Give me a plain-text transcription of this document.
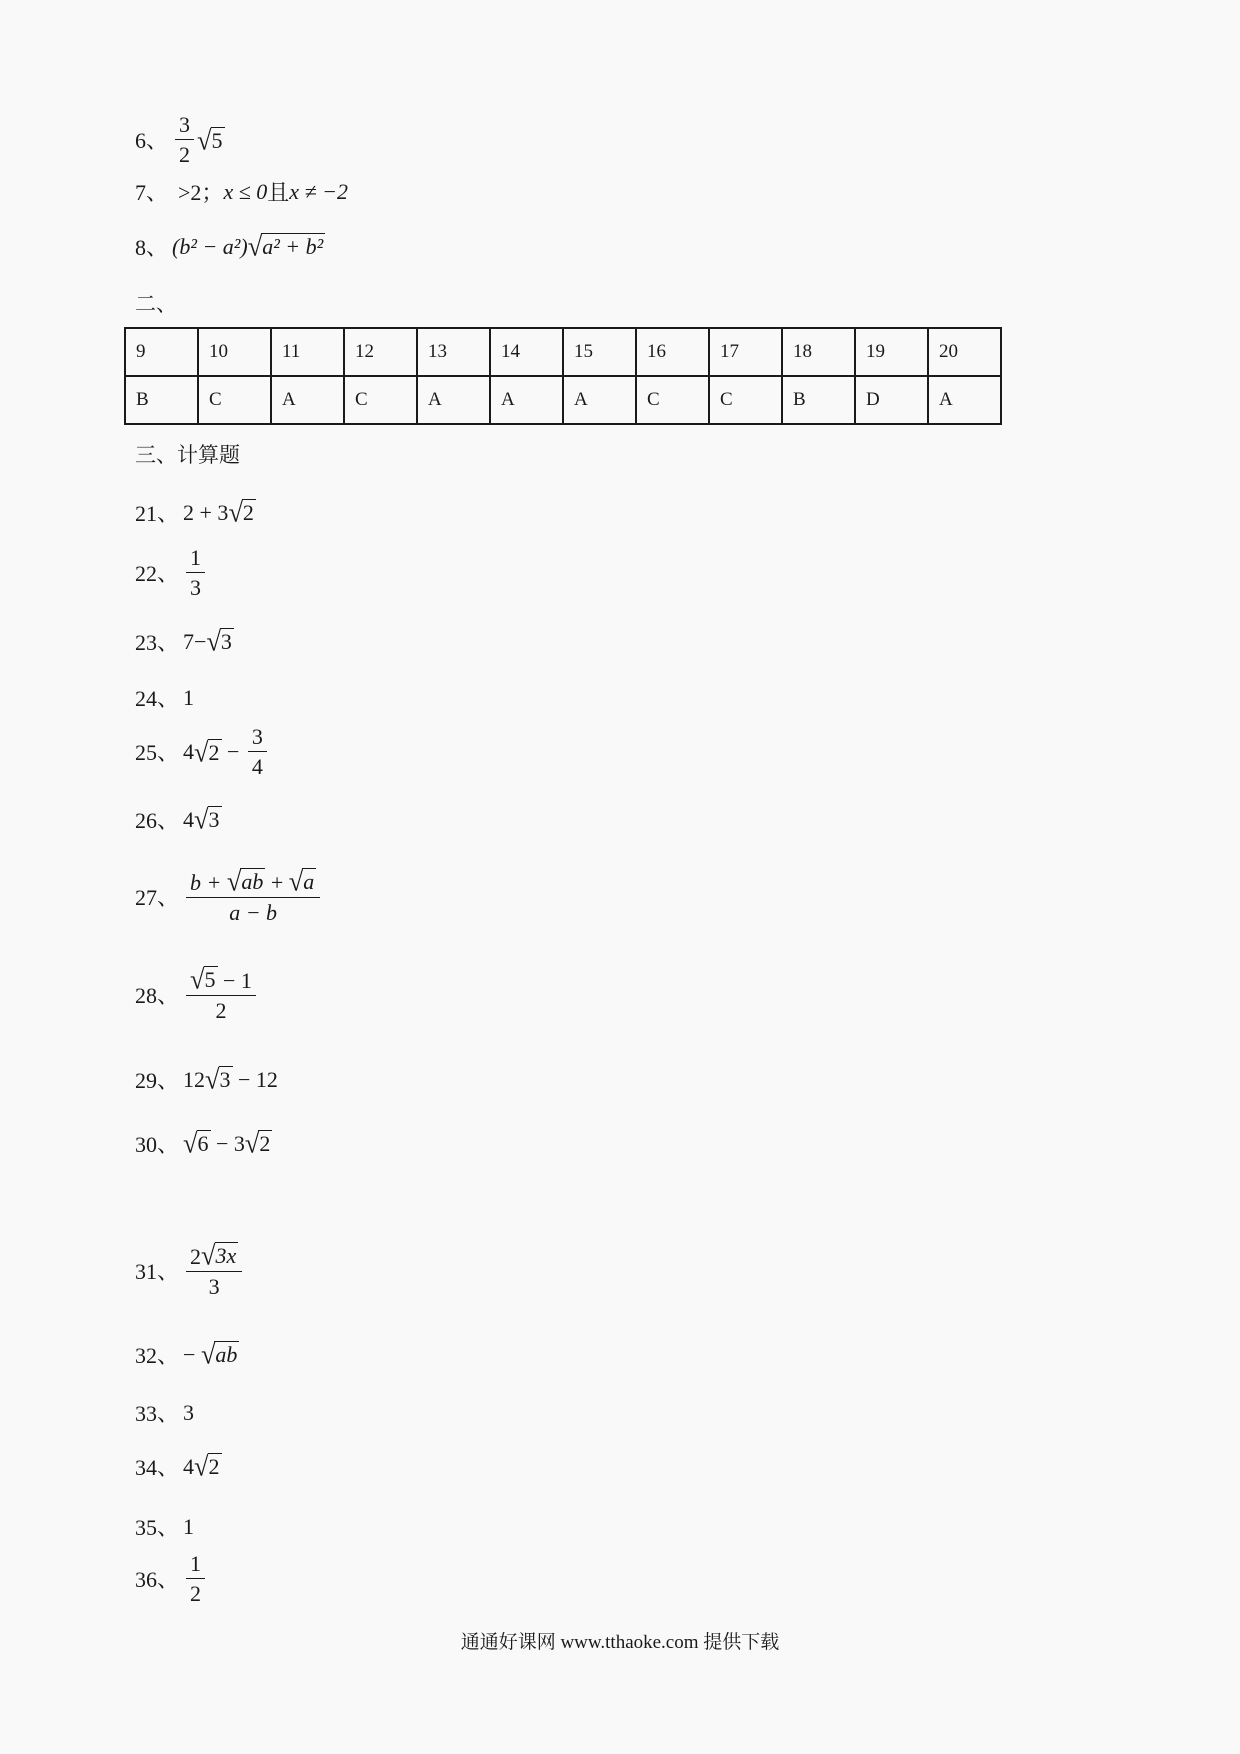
6、 $\frac{3}{2}$ √ 5
7、 >2； x ≤ 0 且 x ≠ −2
8、 (b² − a²) √ a² + b²
二、
9	10	11	12	13	14	15	16	17	18	19	20
B	C	A	C	A	A	A	C	C	B	D	A
三、计算题
21、 2 + 3 √ 2
22、 $\frac{1}{3}$
23、 7− √ 3
24、 1
25、 4 √ $2 - \frac{3}{4}$
26、 4 √ 3
27、 $\frac{b + √ ab + √ a}{a - b}$
28、 $\frac{√ 5 - 1}{2}$
29、 12 √ 3 − 12
30、 √ 6 − 3 √ 2
31、 $\frac{2 √ 3x}{3}$
32、 − √ ab
33、 3
34、 4 √ 2
35、 1
36、 $\frac{1}{2}$
通通好课网 www.tthaoke.com 提供下载
